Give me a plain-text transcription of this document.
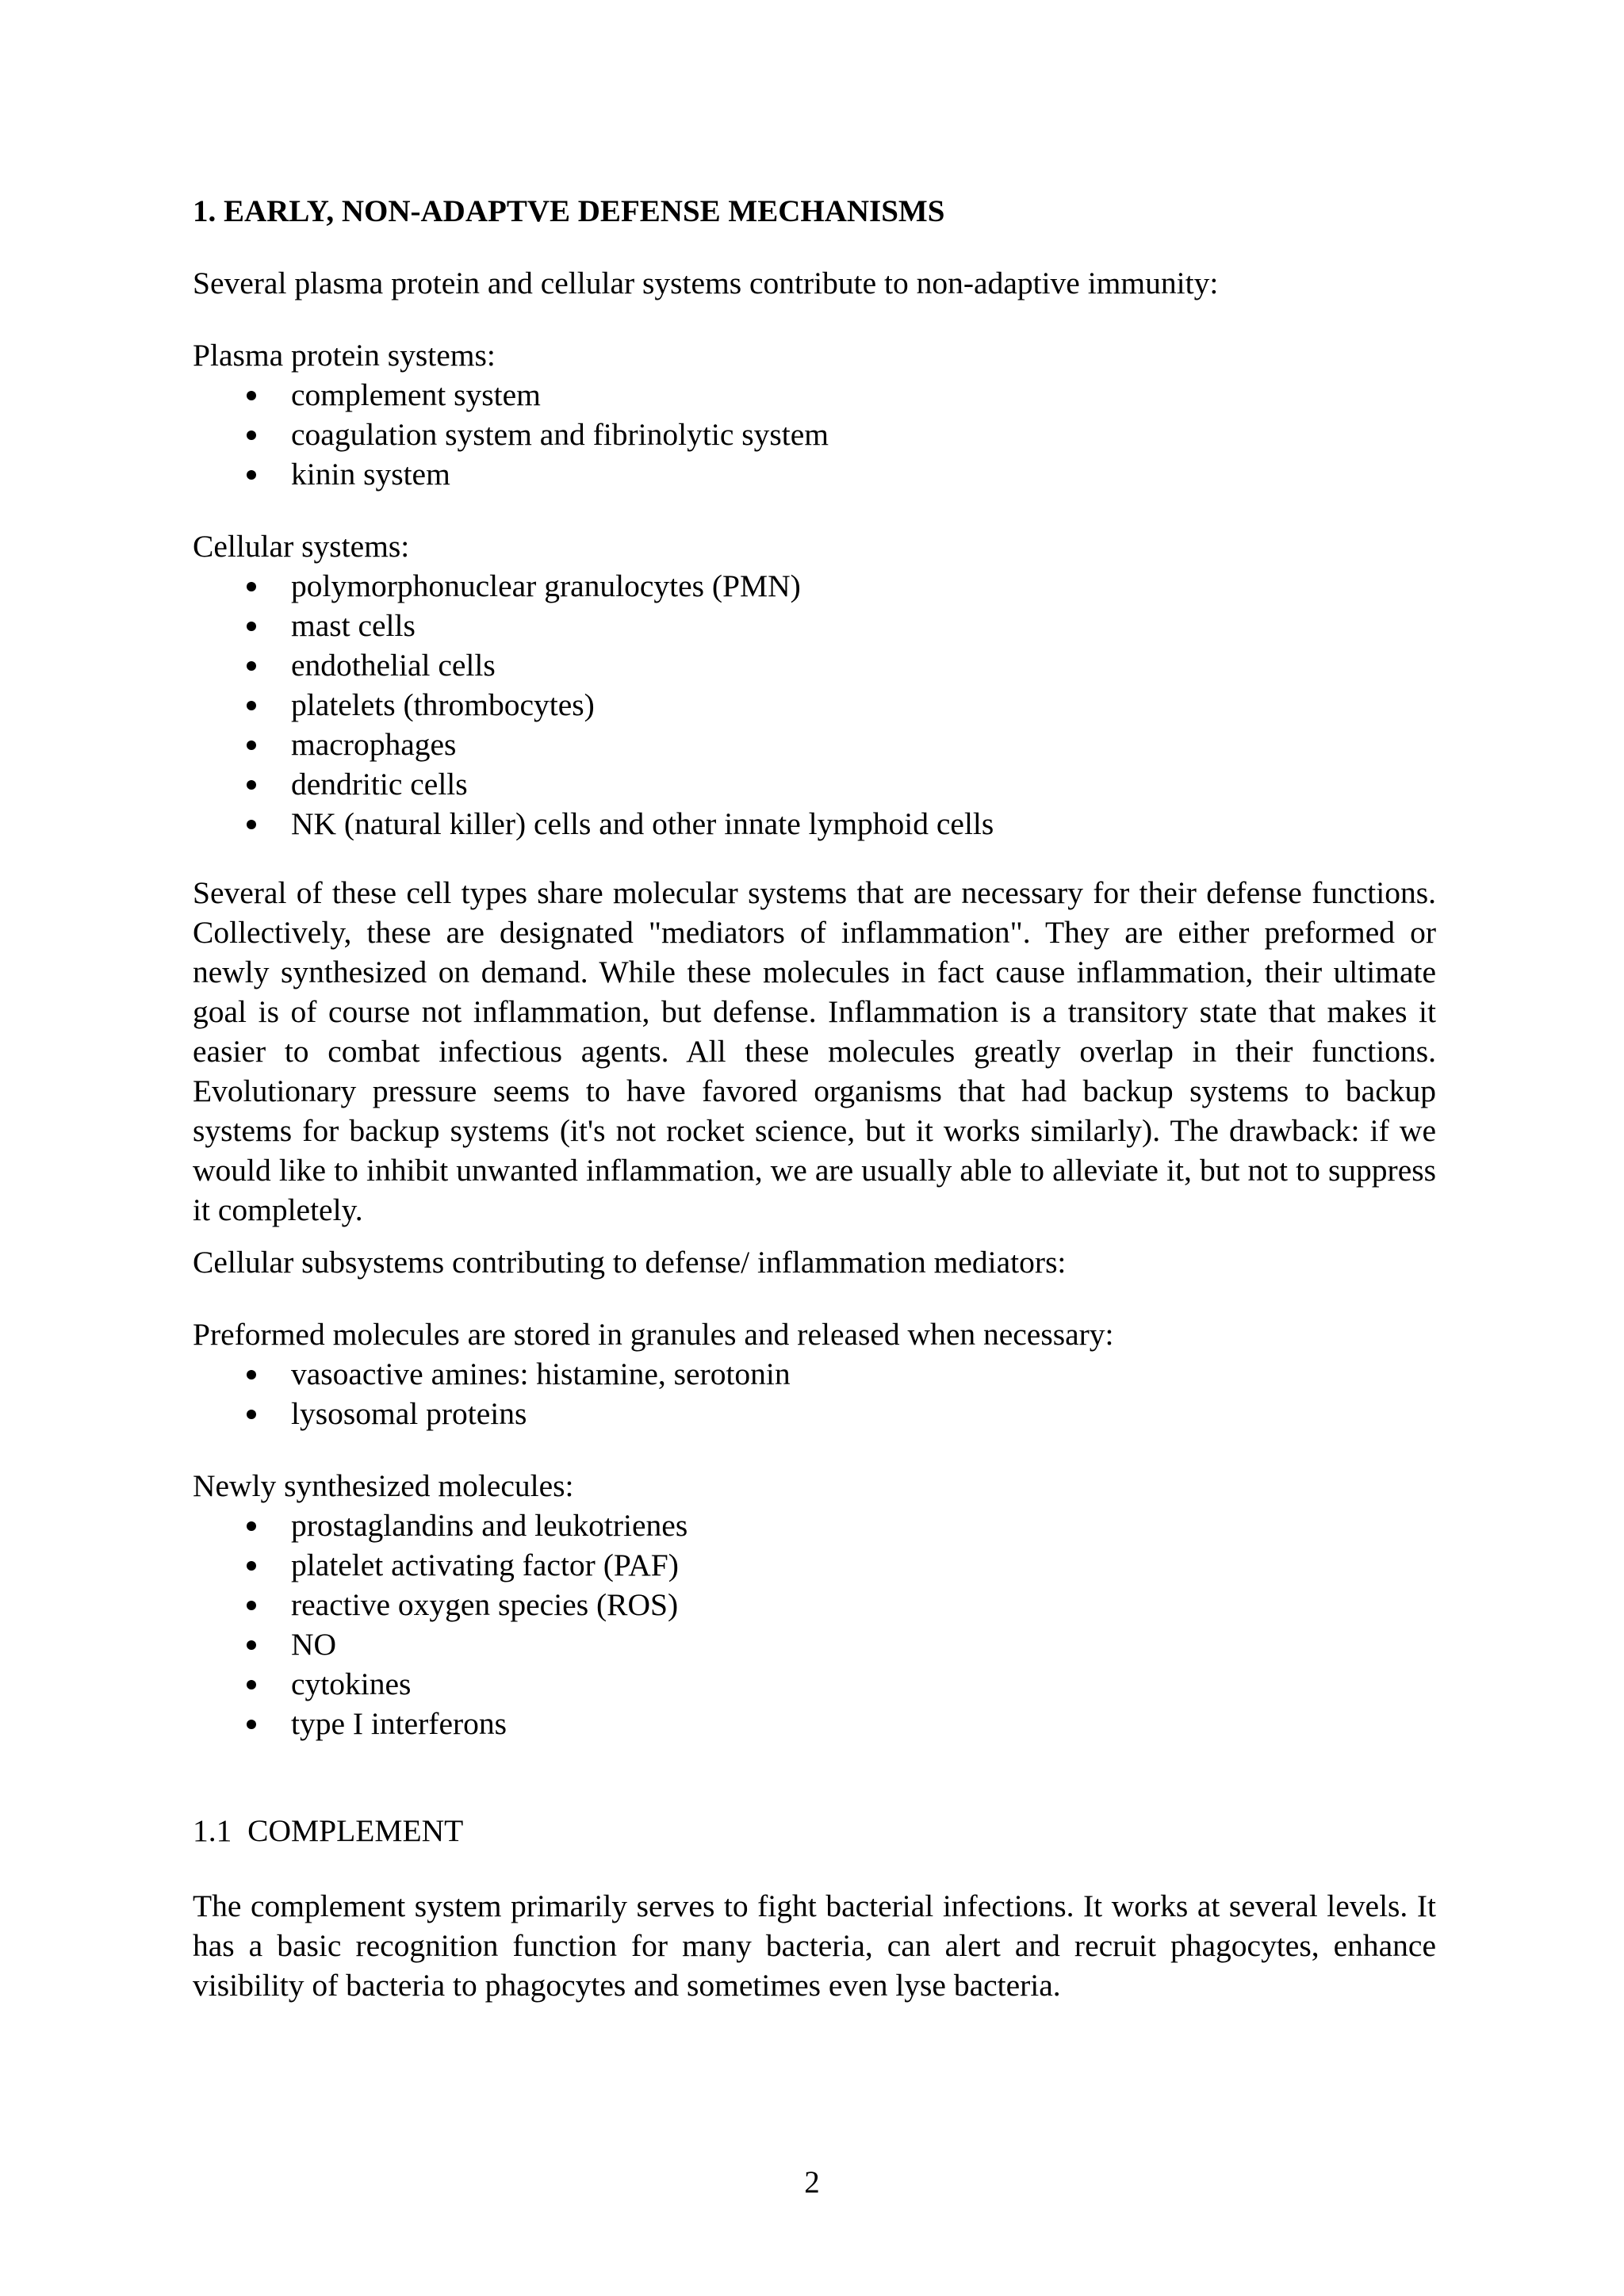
1. EARLY, NON-ADAPTVE DEFENSE MECHANISMS

Several plasma protein and cellular systems contribute to non-adaptive immunity:

Plasma protein systems:

complement system
coagulation system and fibrinolytic system
kinin system

Cellular systems:

polymorphonuclear granulocytes (PMN)
mast cells
endothelial cells
platelets (thrombocytes)
macrophages
dendritic cells
NK (natural killer) cells and other innate lymphoid cells

Several of these cell types share molecular systems that are necessary for their defense functions. Collectively, these are designated "mediators of inflammation". They are either preformed or newly synthesized on demand. While these molecules in fact cause inflammation, their ultimate goal is of course not inflammation, but defense. Inflammation is a transitory state that makes it easier to combat infectious agents. All these molecules greatly overlap in their functions. Evolutionary pressure seems to have favored organisms that had backup systems to backup systems for backup systems (it's not rocket science, but it works similarly). The drawback: if we would like to inhibit unwanted inflammation, we are usually able to alleviate it, but not to suppress it completely.

Cellular subsystems contributing to defense/ inflammation mediators:

Preformed molecules are stored in granules and released when necessary:

vasoactive amines: histamine, serotonin
lysosomal proteins

Newly synthesized molecules:

prostaglandins and leukotrienes
platelet activating factor (PAF)
reactive oxygen species (ROS)
NO
cytokines
type I interferons

1.1  COMPLEMENT

The complement system primarily serves to fight bacterial infections. It works at several levels. It has a basic recognition function for many bacteria, can alert and recruit phagocytes, enhance visibility of bacteria to phagocytes and sometimes even lyse bacteria.

2
